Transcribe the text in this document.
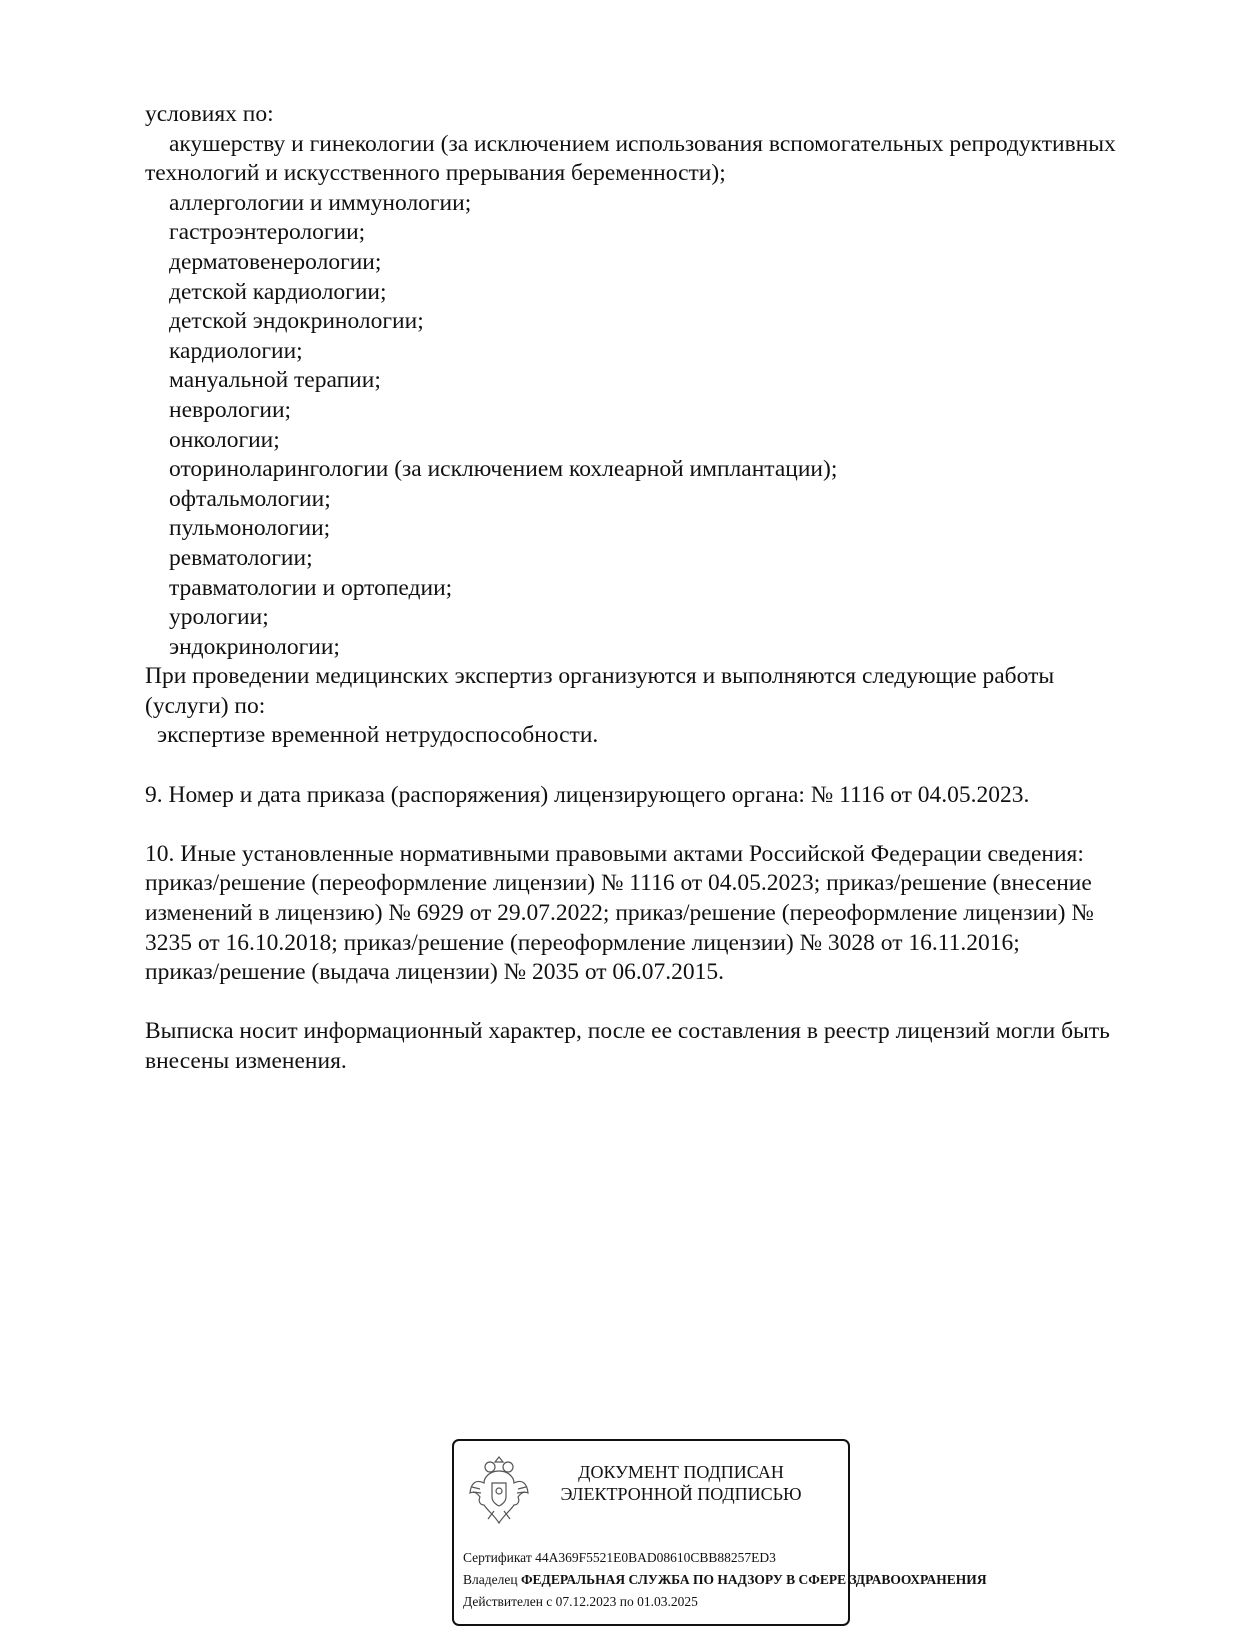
условиях по:
акушерству и гинекологии (за исключением использования вспомогательных репродуктивных
технологий и искусственного прерывания беременности);
аллергологии и иммунологии;
гастроэнтерологии;
дерматовенерологии;
детской кардиологии;
детской эндокринологии;
кардиологии;
мануальной терапии;
неврологии;
онкологии;
оториноларингологии (за исключением кохлеарной имплантации);
офтальмологии;
пульмонологии;
ревматологии;
травматологии и ортопедии;
урологии;
эндокринологии;
При проведении медицинских экспертиз организуются и выполняются следующие работы
(услуги) по:
экспертизе временной нетрудоспособности.
9. Номер и дата приказа (распоряжения) лицензирующего органа: № 1116 от 04.05.2023.
10. Иные установленные нормативными правовыми актами Российской Федерации сведения:
приказ/решение (переоформление лицензии) № 1116 от 04.05.2023; приказ/решение (внесение
изменений в лицензию) № 6929 от 29.07.2022; приказ/решение (переоформление лицензии) №
3235 от 16.10.2018; приказ/решение (переоформление лицензии) № 3028 от 16.11.2016;
приказ/решение (выдача лицензии) № 2035 от 06.07.2015.
Выписка носит информационный характер, после ее составления в реестр лицензий могли быть
внесены изменения.
ДОКУМЕНТ ПОДПИСАН
ЭЛЕКТРОННОЙ ПОДПИСЬЮ
Сертификат 44A369F5521E0BAD08610CBB88257ED3
Владелец ФЕДЕРАЛЬНАЯ СЛУЖБА ПО НАДЗОРУ В СФЕРЕ ЗДРАВООХРАНЕНИЯ
Действителен с 07.12.2023 по 01.03.2025
